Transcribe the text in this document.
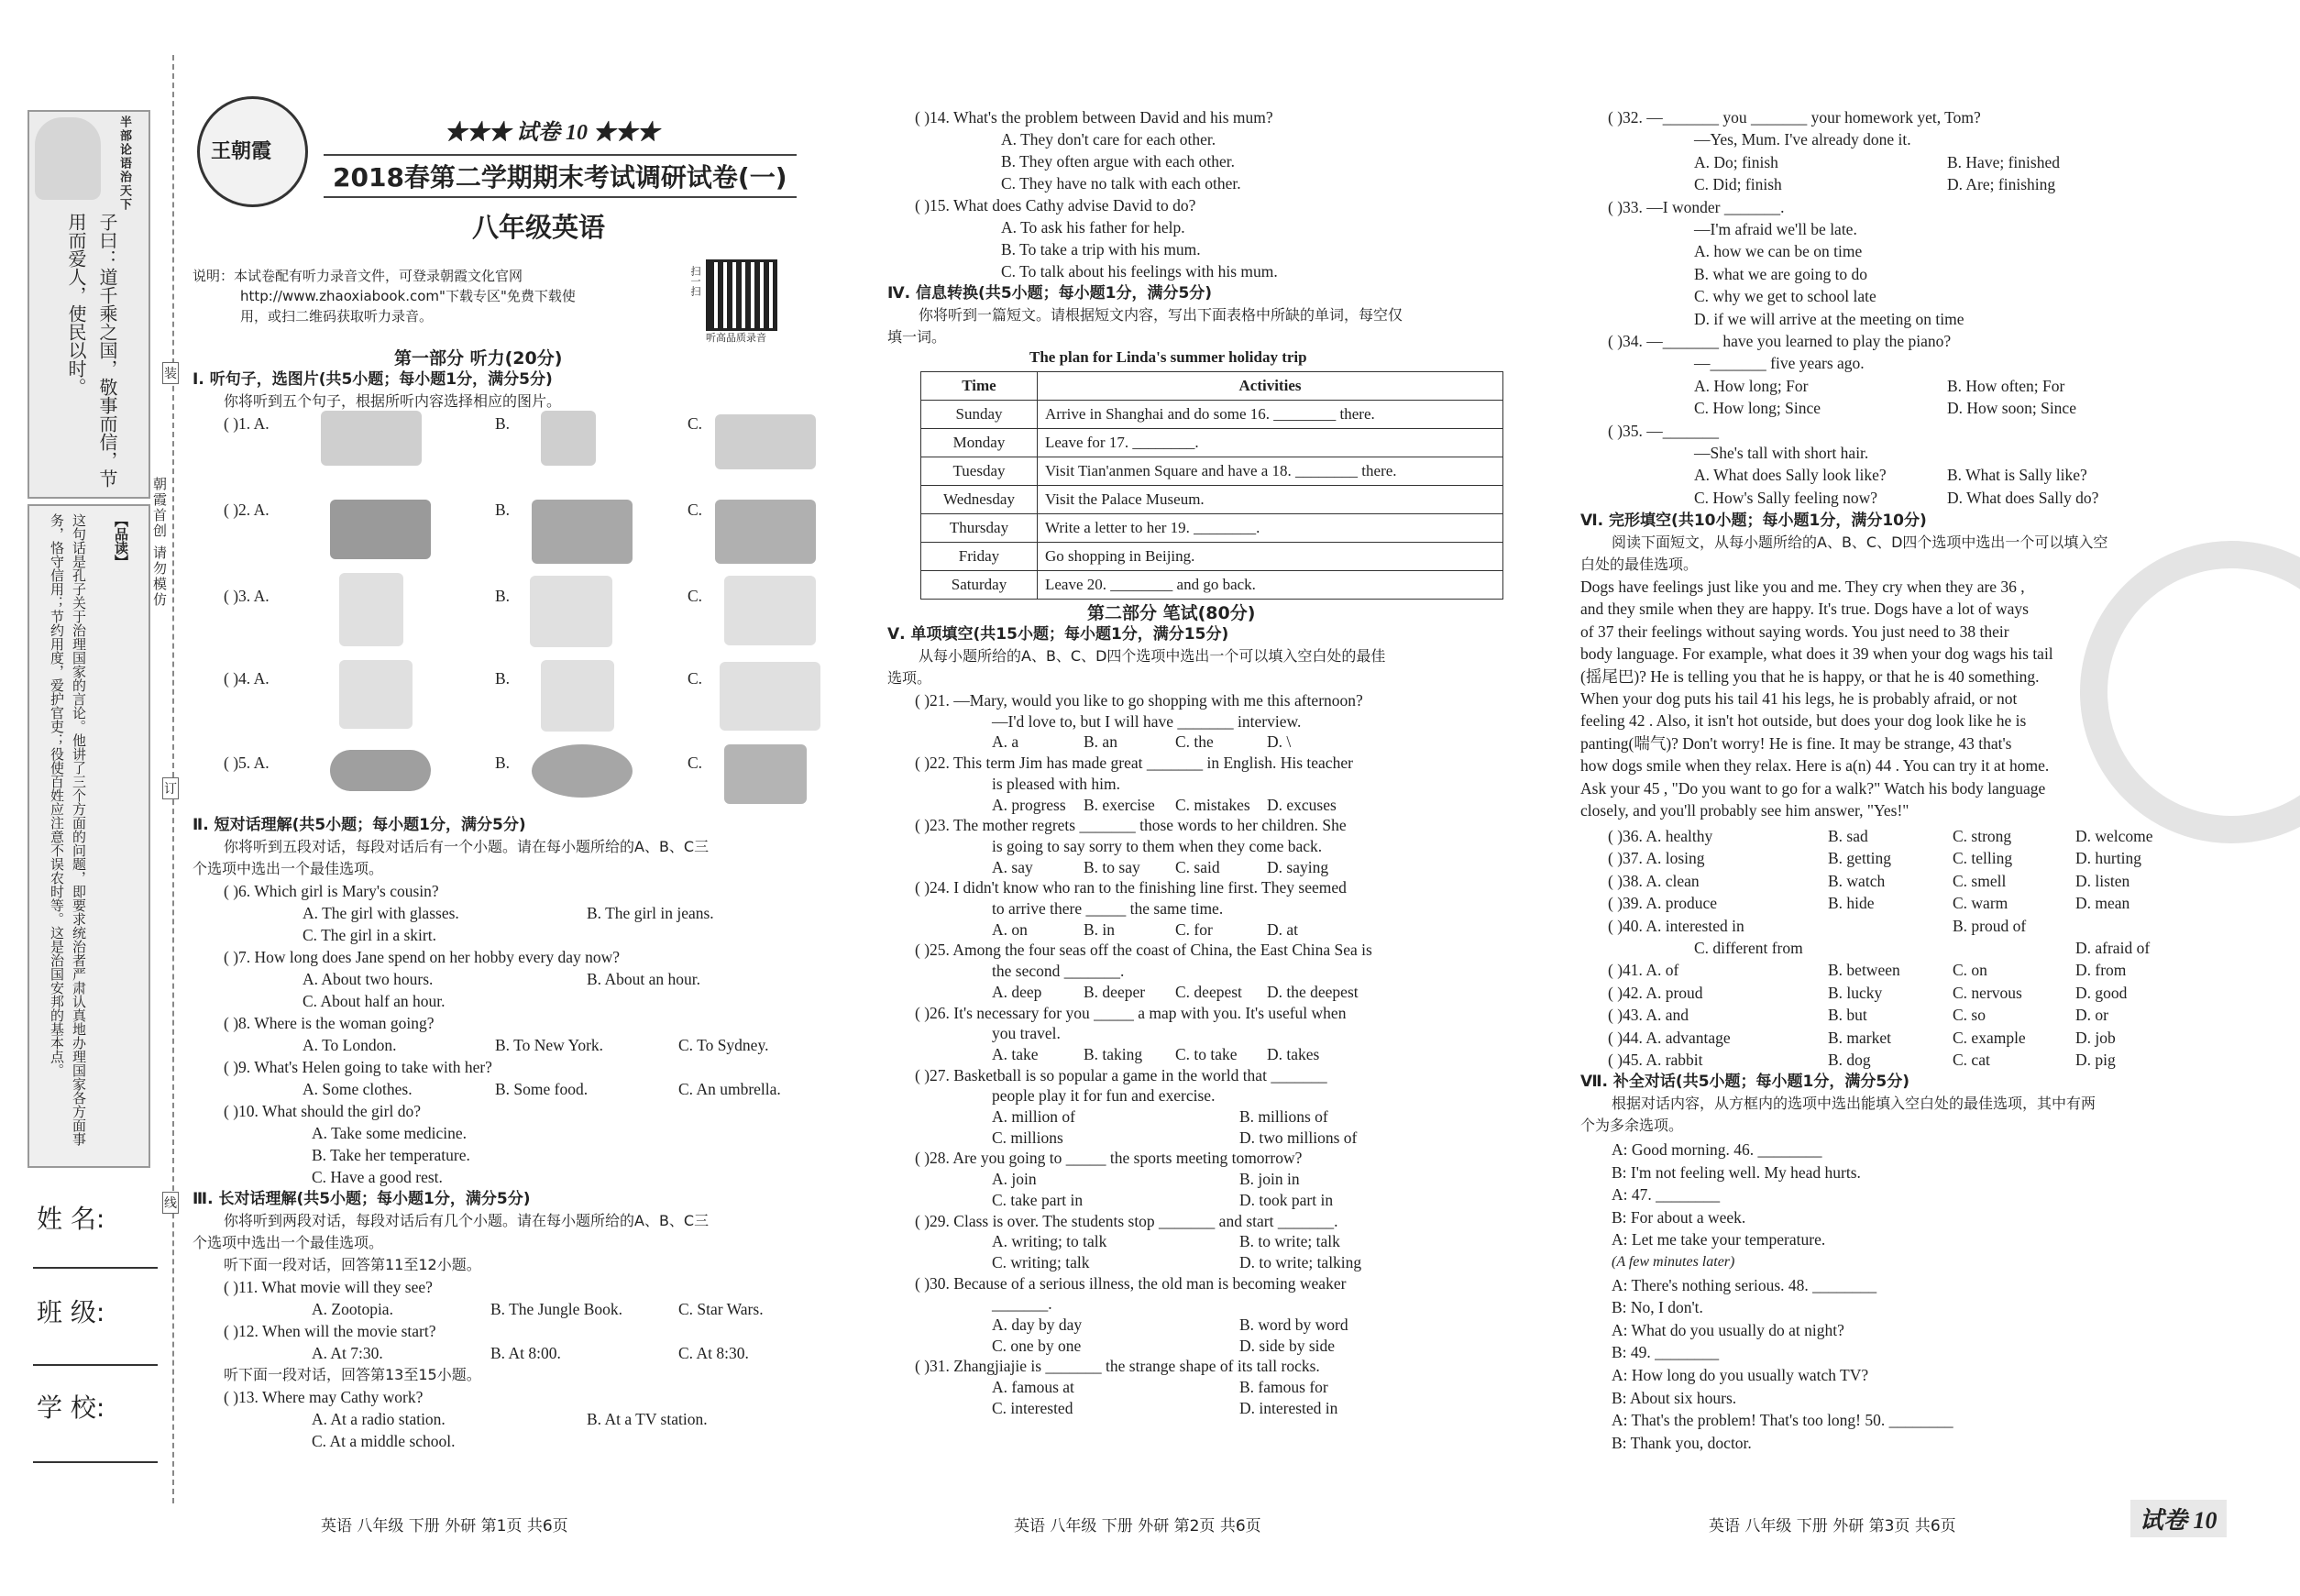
半部论语治天下
子曰：道千乘之国，敬事而信，节用而爱人，使民以时。
【品读】
这句话是孔子关于治理国家的言论。他讲了三个方面的问题，即要求统治者严肃认真地办理国家各方面事务，恪守信用；节约用度，爱护官吏；役使百姓应注意不误农时等。这是治国安邦的基本点。	朝霞首创 请勿模仿
装
订
线
姓 名:
班 级:
学 校:
王朝霞
★★★ 试卷 10 ★★★
2018春第二学期期末考试调研试卷(一)
八年级英语
说明：本试卷配有听力录音文件，可登录朝霞文化官网
http://www.zhaoxiabook.com"下载专区"免费下载使
用，或扫二维码获取听力录音。
听高品质录音
扫一扫
第一部分 听力(20分)
Ⅰ. 听句子，选图片(共5小题；每小题1分，满分5分)
你将听到五个句子，根据所听内容选择相应的图片。
( )1. A.	B.	C.
( )2. A.	B.	C.
( )3. A.	B.	C.
( )4. A.	B.	C.
( )5. A.	B.	C.
Ⅱ. 短对话理解(共5小题；每小题1分，满分5分)
你将听到五段对话，每段对话后有一个小题。请在每小题所给的A、B、C三
个选项中选出一个最佳选项。
( )6. Which girl is Mary's cousin?
A. The girl with glasses.	B. The girl in jeans.
C. The girl in a skirt.
( )7. How long does Jane spend on her hobby every day now?
A. About two hours.	B. About an hour.
C. About half an hour.
( )8. Where is the woman going?
A. To London.	B. To New York.	C. To Sydney.
( )9. What's Helen going to take with her?
A. Some clothes.	B. Some food.	C. An umbrella.
( )10. What should the girl do?
A. Take some medicine.
B. Take her temperature.
C. Have a good rest.
Ⅲ. 长对话理解(共5小题；每小题1分，满分5分)
你将听到两段对话，每段对话后有几个小题。请在每小题所给的A、B、C三
个选项中选出一个最佳选项。
听下面一段对话，回答第11至12小题。
( )11. What movie will they see?
A. Zootopia.	B. The Jungle Book.	C. Star Wars.
( )12. When will the movie start?
A. At 7:30.	B. At 8:00.	C. At 8:30.
听下面一段对话，回答第13至15小题。
( )13. Where may Cathy work?
A. At a radio station.	B. At a TV station.
C. At a middle school.
英语 八年级 下册 外研 第1页 共6页
( )14. What's the problem between David and his mum?
A. They don't care for each other.
B. They often argue with each other.
C. They have no talk with each other.
( )15. What does Cathy advise David to do?
A. To ask his father for help.
B. To take a trip with his mum.
C. To talk about his feelings with his mum.
Ⅳ. 信息转换(共5小题；每小题1分，满分5分)
你将听到一篇短文。请根据短文内容，写出下面表格中所缺的单词，每空仅
填一词。
The plan for Linda's summer holiday trip
Time	Activities
Sunday	Arrive in Shanghai and do some 16. ________ there.
Monday	Leave for 17. ________.
Tuesday	Visit Tian'anmen Square and have a 18. ________ there.
Wednesday	Visit the Palace Museum.
Thursday	Write a letter to her 19. ________.
Friday	Go shopping in Beijing.
Saturday	Leave 20. ________ and go back.
第二部分 笔试(80分)
Ⅴ. 单项填空(共15小题；每小题1分，满分15分)
从每小题所给的A、B、C、D四个选项中选出一个可以填入空白处的最佳
选项。
( )21. —Mary, would you like to go shopping with me this afternoon?
—I'd love to, but I will have _______ interview.
A. a	B. an	C. the	D. \
( )22. This term Jim has made great _______ in English. His teacher
is pleased with him.
A. progress B. exercise C. mistakes D. excuses
( )23. The mother regrets _______ those words to her children. She
is going to say sorry to them when they come back.
A. say	B. to say C. said	D. saying
( )24. I didn't know who ran to the finishing line first. They seemed
to arrive there _____ the same time.
A. on	B. in	C. for	D. at
( )25. Among the four seas off the coast of China, the East China Sea is
the second _______.
A. deep	B. deeper C. deepest D. the deepest
( )26. It's necessary for you _____ a map with you. It's useful when
you travel.
A. take	B. taking C. to take D. takes
( )27. Basketball is so popular a game in the world that _______
people play it for fun and exercise.
A. million of	B. millions of
C. millions	D. two millions of
( )28. Are you going to _____ the sports meeting tomorrow?
A. join	B. join in
C. take part in	D. took part in
( )29. Class is over. The students stop _______ and start _______.
A. writing; to talk	B. to write; talk
C. writing; talk	D. to write; talking
( )30. Because of a serious illness, the old man is becoming weaker
_______.
A. day by day	B. word by word
C. one by one	D. side by side
( )31. Zhangjiajie is _______ the strange shape of its tall rocks.
A. famous at	B. famous for
C. interested	D. interested in
英语 八年级 下册 外研 第2页 共6页
( )32. —_______ you _______ your homework yet, Tom?
—Yes, Mum. I've already done it.
A. Do; finish	B. Have; finished
C. Did; finish	D. Are; finishing
( )33. —I wonder _______.
—I'm afraid we'll be late.
A. how we can be on time
B. what we are going to do
C. why we get to school late
D. if we will arrive at the meeting on time
( )34. —_______ have you learned to play the piano?
—_______ five years ago.
A. How long; For	B. How often; For
C. How long; Since	D. How soon; Since
( )35. —_______
—She's tall with short hair.
A. What does Sally look like?	B. What is Sally like?
C. How's Sally feeling now?	D. What does Sally do?
Ⅵ. 完形填空(共10小题；每小题1分，满分10分)
阅读下面短文，从每小题所给的A、B、C、D四个选项中选出一个可以填入空
白处的最佳选项。
Dogs have feelings just like you and me. They cry when they are 36 ,
and they smile when they are happy. It's true. Dogs have a lot of ways
of 37 their feelings without saying words. You just need to 38 their
body language. For example, what does it 39 when your dog wags his tail
(摇尾巴)? He is telling you that he is happy, or that he is 40 something.
When your dog puts his tail 41 his legs, he is probably afraid, or not
feeling 42 . Also, it isn't hot outside, but does your dog look like he is
panting(喘气)? Don't worry! He is fine. It may be strange, 43 that's
how dogs smile when they relax. Here is a(n) 44 . You can try it at home.
Ask your 45 , "Do you want to go for a walk?" Watch his body language
closely, and you'll probably see him answer, "Yes!"
( )36. A. healthy	B. sad	C. strong	D. welcome
( )37. A. losing	B. getting	C. telling	D. hurting
( )38. A. clean	B. watch	C. smell	D. listen
( )39. A. produce	B. hide	C. warm	D. mean
( )40. A. interested in	B. proud of
C. different from	D. afraid of
( )41. A. of	B. between	C. on	D. from
( )42. A. proud	B. lucky	C. nervous	D. good
( )43. A. and	B. but	C. so	D. or
( )44. A. advantage	B. market	C. example	D. job
( )45. A. rabbit	B. dog	C. cat	D. pig
Ⅶ. 补全对话(共5小题；每小题1分，满分5分)
根据对话内容，从方框内的选项中选出能填入空白处的最佳选项，其中有两
个为多余选项。
A: Good morning. 46. ________
B: I'm not feeling well. My head hurts.
A: 47. ________
B: For about a week.
A: Let me take your temperature.
(A few minutes later)
A: There's nothing serious. 48. ________
B: No, I don't.
A: What do you usually do at night?
B: 49. ________
A: How long do you usually watch TV?
B: About six hours.
A: That's the problem! That's too long! 50. ________
B: Thank you, doctor.
英语 八年级 下册 外研 第3页 共6页	试卷 10
